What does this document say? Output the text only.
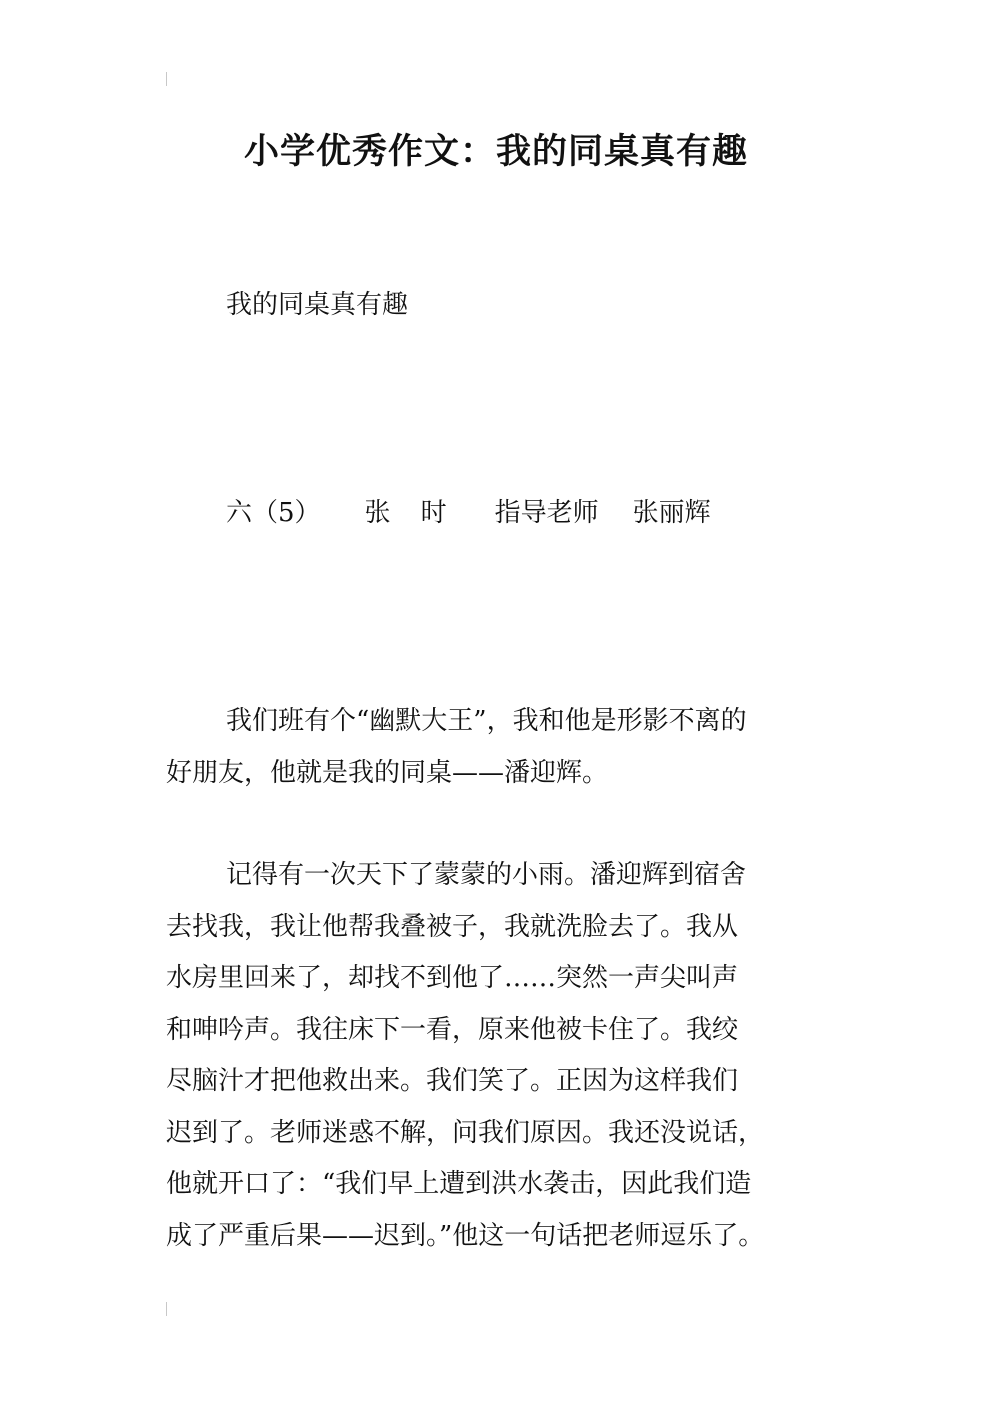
小学优秀作文：我的同桌真有趣
我的同桌真有趣
六（5） 张 时 指导老师 张丽辉

我们班有个“幽默大王”，我和他是形影不离的

好朋友，他就是我的同桌——潘迎辉。

记得有一次天下了蒙蒙的小雨。潘迎辉到宿舍

去找我，我让他帮我叠被子，我就洗脸去了。我从

水房里回来了，却找不到他了……突然一声尖叫声

和呻吟声。我往床下一看，原来他被卡住了。我绞

尽脑汁才把他救出来。我们笑了。正因为这样我们

迟到了。老师迷惑不解，问我们原因。我还没说话，

他就开口了：“我们早上遭到洪水袭击，因此我们造

成了严重后果——迟到。”他这一句话把老师逗乐了。
